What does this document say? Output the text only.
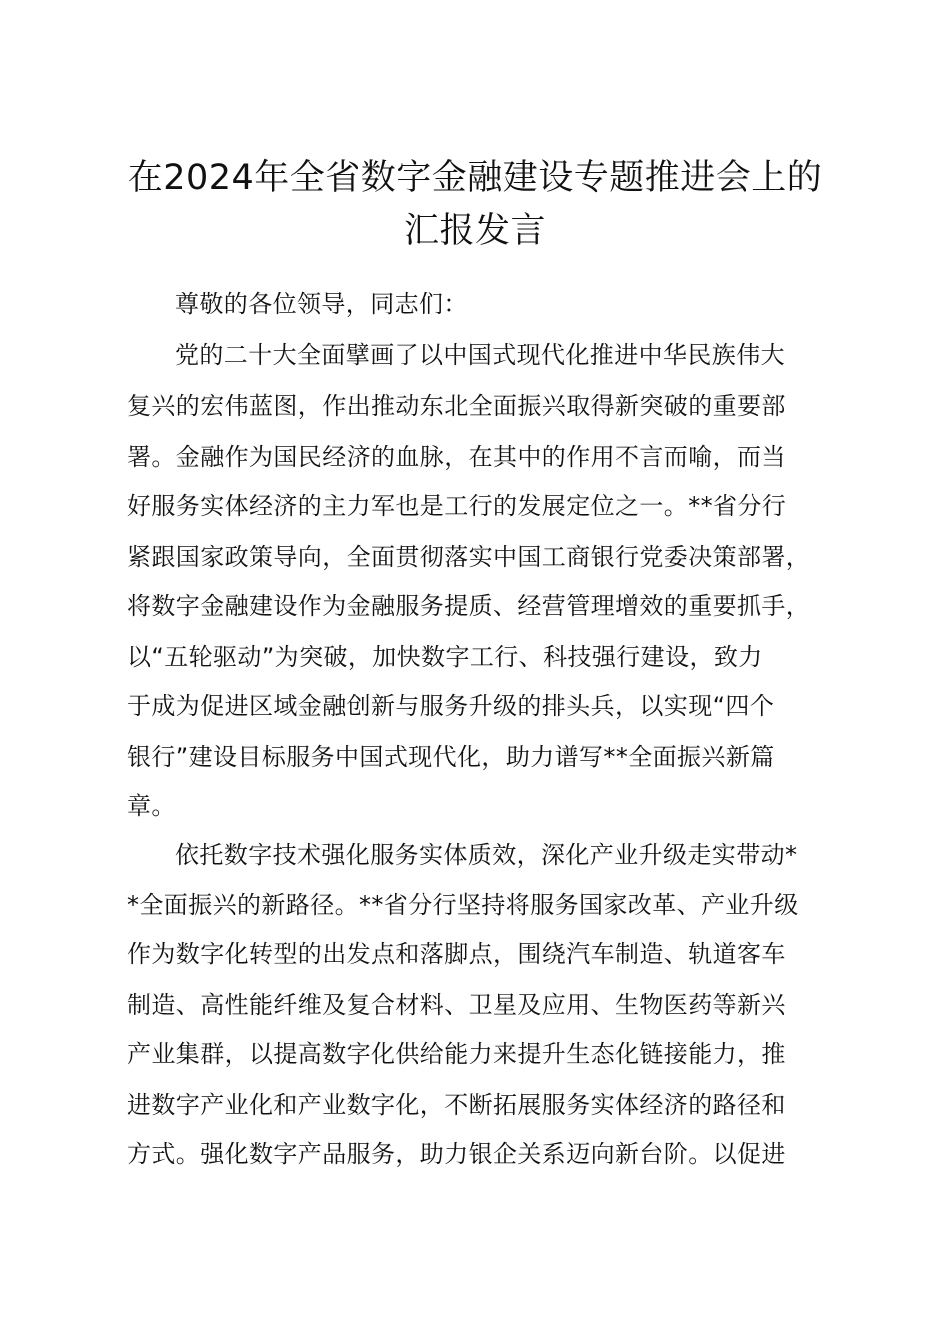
在2024年全省数字金融建设专题推进会上的
汇报发言
尊敬的各位领导，同志们：
党的二十大全面擘画了以中国式现代化推进中华民族伟大
复兴的宏伟蓝图，作出推动东北全面振兴取得新突破的重要部
署。金融作为国民经济的血脉，在其中的作用不言而喻，而当
好服务实体经济的主力军也是工行的发展定位之一。**省分行
紧跟国家政策导向，全面贯彻落实中国工商银行党委决策部署，
将数字金融建设作为金融服务提质、经营管理增效的重要抓手，
以“五轮驱动”为突破，加快数字工行、科技强行建设，致力
于成为促进区域金融创新与服务升级的排头兵，以实现“四个
银行”建设目标服务中国式现代化，助力谱写**全面振兴新篇
章。
依托数字技术强化服务实体质效，深化产业升级走实带动*
*全面振兴的新路径。**省分行坚持将服务国家改革、产业升级
作为数字化转型的出发点和落脚点，围绕汽车制造、轨道客车
制造、高性能纤维及复合材料、卫星及应用、生物医药等新兴
产业集群，以提高数字化供给能力来提升生态化链接能力，推
进数字产业化和产业数字化，不断拓展服务实体经济的路径和
方式。强化数字产品服务，助力银企关系迈向新台阶。以促进
